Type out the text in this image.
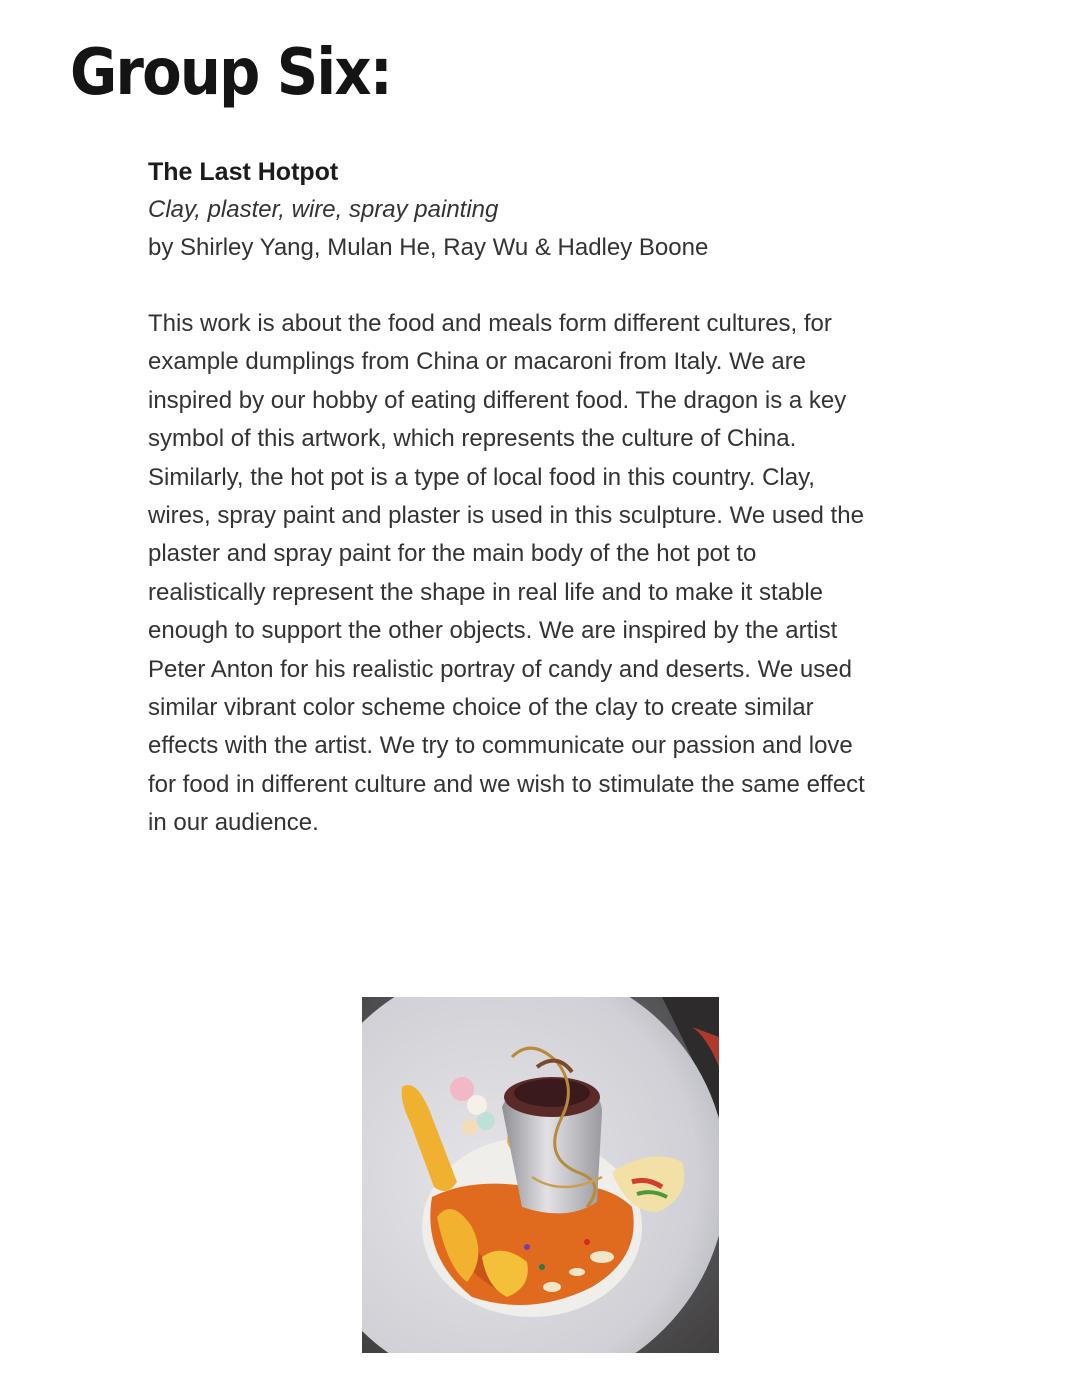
Group Six:

The Last Hotpot

Clay, plaster, wire, spray painting

by Shirley Yang, Mulan He, Ray Wu & Hadley Boone

This work is about the food and meals form different cultures, for example dumplings from China or macaroni from Italy. We are inspired by our hobby of eating different food. The dragon is a key symbol of this artwork, which represents the culture of China. Similarly, the hot pot is a type of local food in this country. Clay, wires, spray paint and plaster is used in this sculpture. We used the plaster and spray paint for the main body of the hot pot to realistically represent the shape in real life and to make it stable enough to support the other objects. We are inspired by the artist Peter Anton for his realistic portray of candy and deserts. We used similar vibrant color scheme choice of the clay to create similar effects with the artist. We try to communicate our passion and love for food in different culture and we wish to stimulate the same effect in our audience.
